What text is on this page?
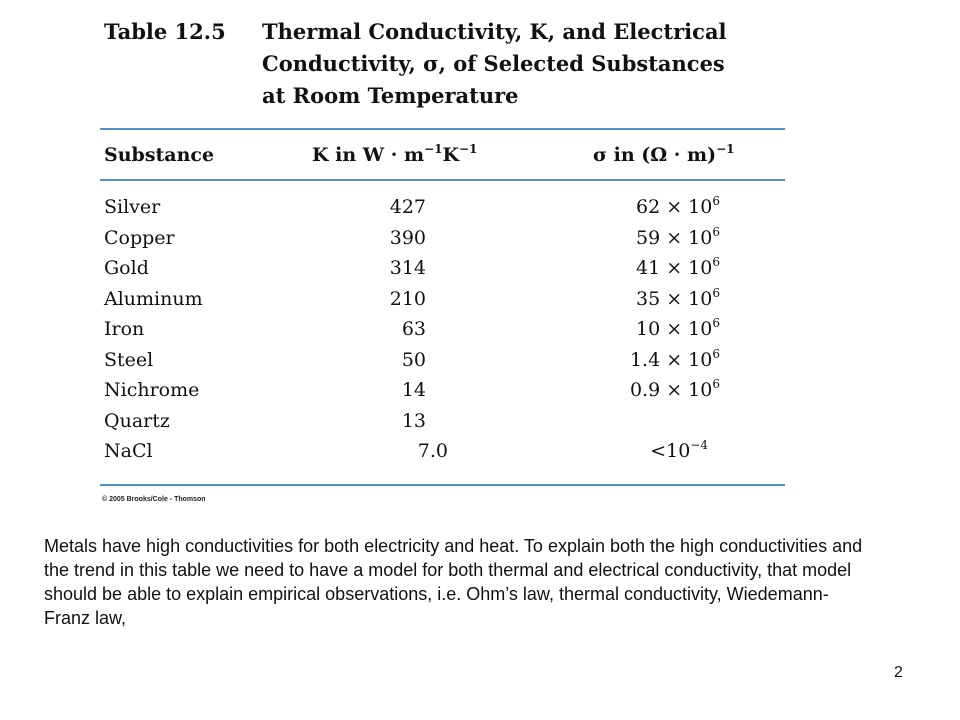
Table 12.5 Thermal Conductivity, K, and Electrical
Conductivity, σ, of Selected Substances
at Room Temperature
Substance	K in $W \cdot m^{-1}K^{-1}$	σ in $(\Omega \cdot m)^{-1}$
Silver	427	$62 \times 10^6$
Copper	390	$59 \times 10^6$
Gold	314	$41 \times 10^6$
Aluminum	210	$35 \times 10^6$
Iron	63	$10 \times 10^6$
Steel	50	$1.4 \times 10^6$
Nichrome	14	$0.9 \times 10^6$
Quartz	13
NaCl	7.0	$<10^{-4}$
© 2005 Brooks/Cole - Thomson
Metals have high conductivities for both electricity and heat. To explain both the high conductivities and the trend in this table we need to have a model for both thermal and electrical conductivity, that model should be able to explain empirical observations, i.e. Ohm’s law, thermal conductivity, Wiedemann-Franz law,
2
